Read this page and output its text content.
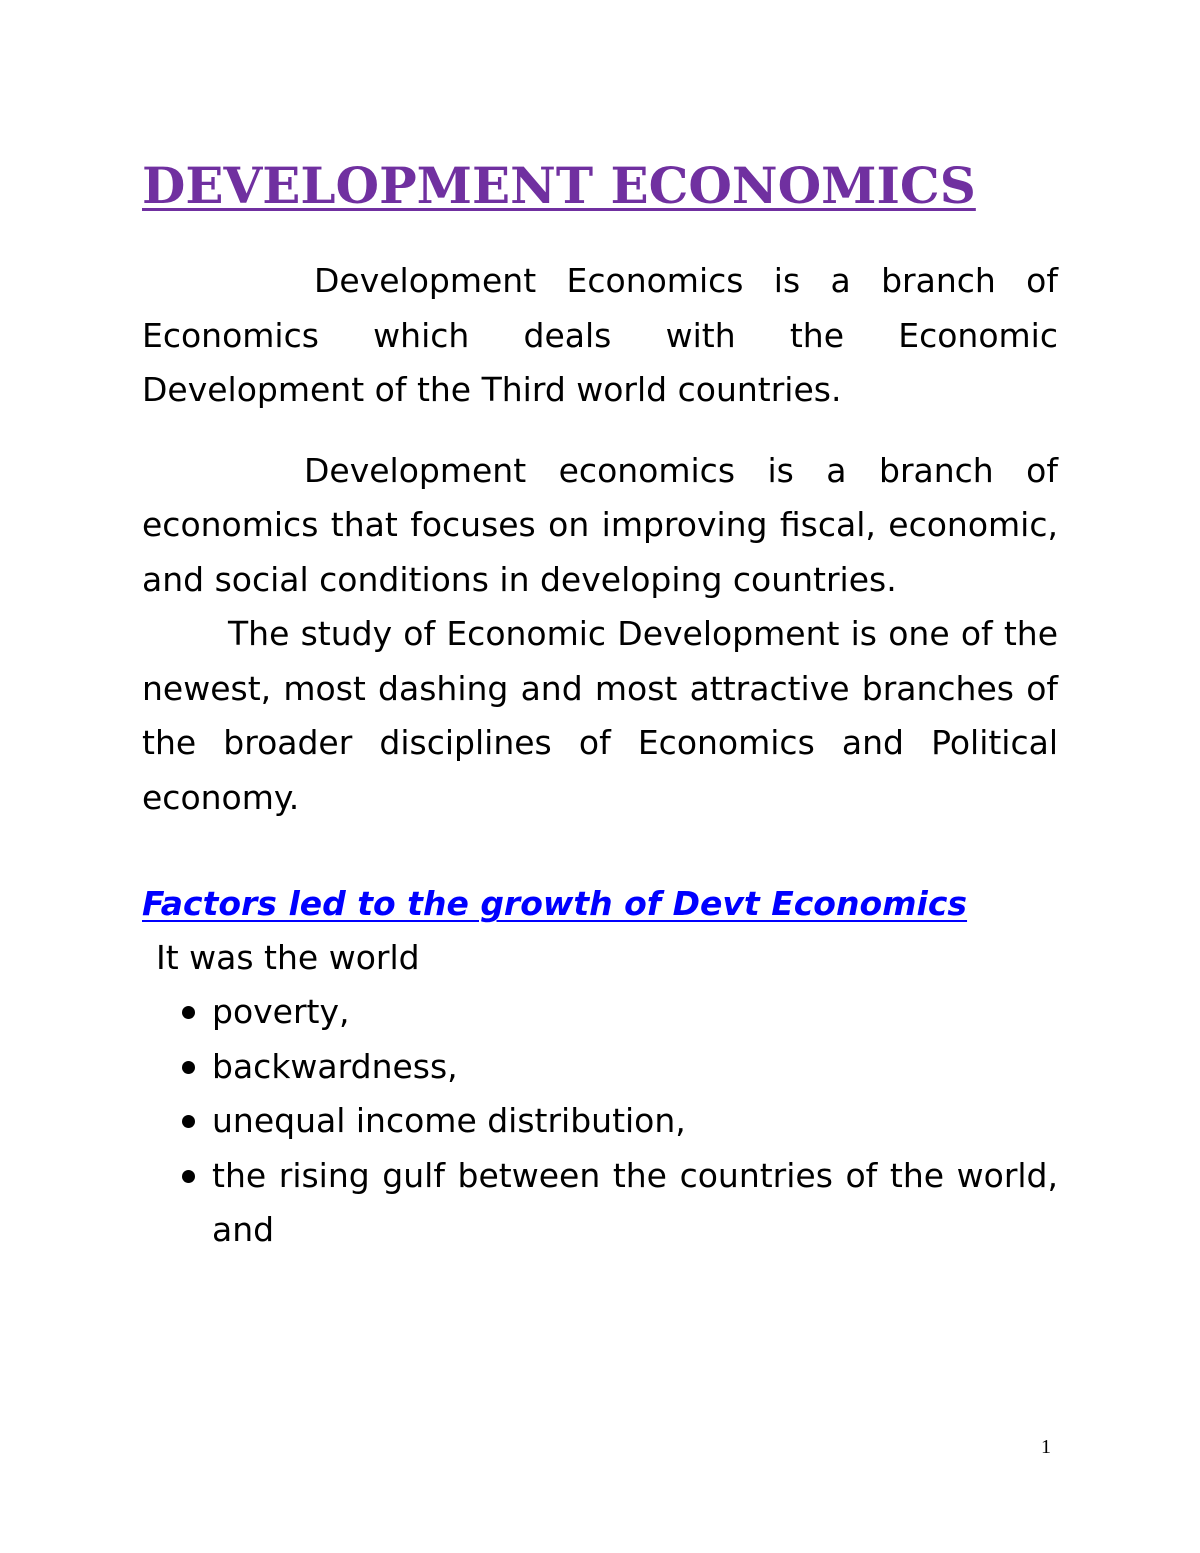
DEVELOPMENT ECONOMICS

Development Economics is a branch of Economics which deals with the Economic Development of the Third world countries.

Development economics is a branch of economics that focuses on improving fiscal, economic, and social conditions in developing countries.

The study of Economic Development is one of the newest, most dashing and most attractive branches of the broader disciplines of Economics and Political economy.

Factors led to the growth of Devt Economics

It was the world

poverty,
backwardness,
unequal income distribution,
the rising gulf between the countries of the world, and
1
